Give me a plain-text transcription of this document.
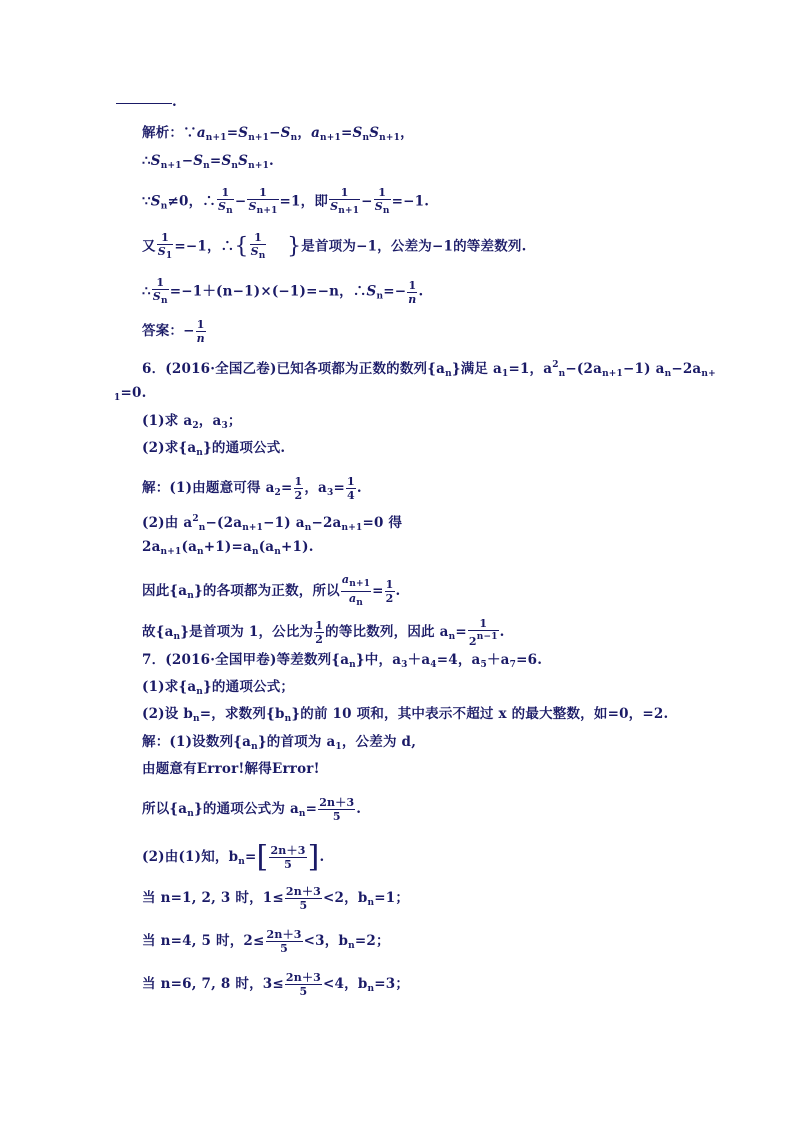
.
解析：$\because a_{n+1}=S_{n+1}-S_n$，$a_{n+1}=S_nS_{n+1}$，
$\therefore S_{n+1}-S_n=S_nS_{n+1}$.
$\because S_n\ne 0$，∴ $\frac{1}{S_n} - \frac{1}{S_{n+1}} =1$，即 $\frac{1}{S_{n+1}} - \frac{1}{S_n} =-1$.
又 $\frac{1}{S_1} =-1$，∴{ $\frac{1}{S_n}$ }是首项为−1，公差为−1的等差数列.
∴ $\frac{1}{S_n} =-1+(n-1)\times(-1)=-n$，$\therefore S_n=- \frac{1}{n}$ .
答案：− $\frac{1}{n}$
6．(2016·全国乙卷)已知各项都为正数的数列$\{a_n\}$满足 $a_1=1$，$a^2_n-(2a_{n+1}-1)$ $a_n-2a_{n+}$
$_1$=0.
(1)求 $a_2$，$a_3$；
(2)求$\{a_n\}$的通项公式.
解：(1)由题意可得 $a_2= \frac{1}{2}$ ，$a_3= \frac{1}{4}$ .
(2)由 $a^2_n-(2a_{n+1}-1)$ $a_n-2a_{n+1}=0$ 得
$2a_{n+1}(a_n+1)=a_n(a_n+1)$.
因此$\{a_n\}$的各项都为正数，所以 $\frac{a_{n+1}}{a_n} = \frac{1}{2}$ .
故$\{a_n\}$是首项为 1，公比为 $\frac{1}{2}$ 的等比数列，因此 $a_n= \frac{1}{2^{n-1}}$ .
7．(2016·全国甲卷)等差数列$\{a_n\}$中，$a_3+a_4=4$，$a_5+a_7=6$.
(1)求$\{a_n\}$的通项公式；
(2)设 $b_n=$，求数列$\{b_n\}$的前 10 项和，其中表示不超过 x 的最大整数，如=0，=2.
解：(1)设数列$\{a_n\}$的首项为 $a_1$，公差为 d,
由题意有Error!解得Error!
所以$\{a_n\}$的通项公式为 $a_n= \frac{2n+3}{5}$ .
(2)由(1)知，$b_n=[ \frac{2n+3}{5}$ ].
当 n=1, 2, 3 时，$1\le \frac{2n+3}{5} <2$，$b_n=1$；
当 n=4, 5 时，$2\le \frac{2n+3}{5} <3$，$b_n=2$；
当 n=6, 7, 8 时，$3\le \frac{2n+3}{5} <4$，$b_n=3$；
